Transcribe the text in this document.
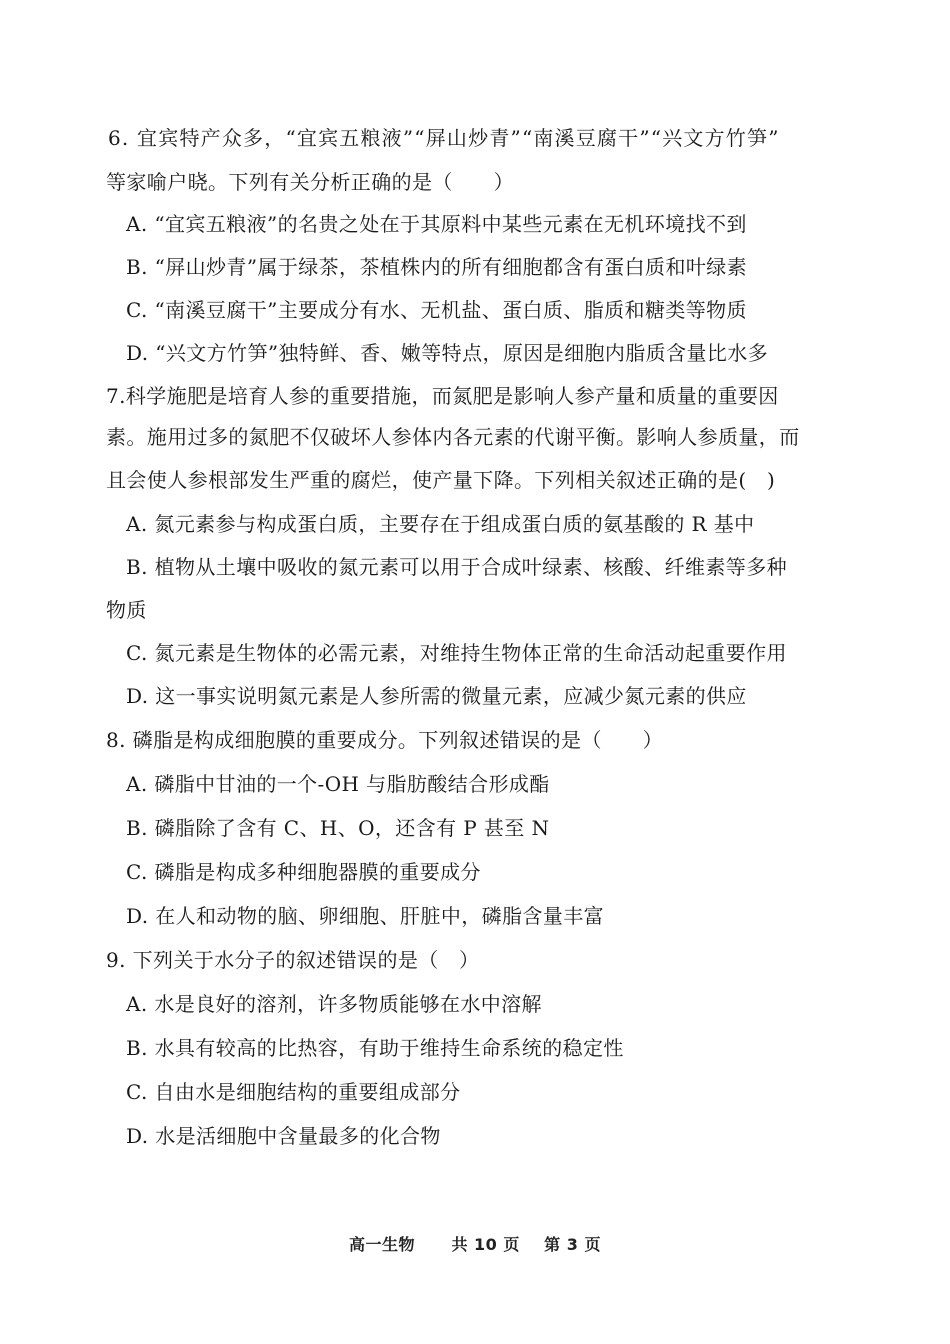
6. 宜宾特产众多，“宜宾五粮液”“屏山炒青”“南溪豆腐干”“兴文方竹笋”
等家喻户晓。下列有关分析正确的是（　　）
A. “宜宾五粮液”的名贵之处在于其原料中某些元素在无机环境找不到
B. “屏山炒青”属于绿茶，茶植株内的所有细胞都含有蛋白质和叶绿素
C. “南溪豆腐干”主要成分有水、无机盐、蛋白质、脂质和糖类等物质
D. “兴文方竹笋”独特鲜、香、嫩等特点，原因是细胞内脂质含量比水多
7.科学施肥是培育人参的重要措施，而氮肥是影响人参产量和质量的重要因
素。施用过多的氮肥不仅破坏人参体内各元素的代谢平衡。影响人参质量，而
且会使人参根部发生严重的腐烂，使产量下降。下列相关叙述正确的是(　)
A. 氮元素参与构成蛋白质，主要存在于组成蛋白质的氨基酸的 R 基中
B. 植物从土壤中吸收的氮元素可以用于合成叶绿素、核酸、纤维素等多种
物质
C. 氮元素是生物体的必需元素，对维持生物体正常的生命活动起重要作用
D. 这一事实说明氮元素是人参所需的微量元素，应减少氮元素的供应
8. 磷脂是构成细胞膜的重要成分。下列叙述错误的是（　　）
A. 磷脂中甘油的一个-OH 与脂肪酸结合形成酯
B. 磷脂除了含有 C、H、O，还含有 P 甚至 N
C. 磷脂是构成多种细胞器膜的重要成分
D. 在人和动物的脑、卵细胞、肝脏中，磷脂含量丰富
9. 下列关于水分子的叙述错误的是（　）
A. 水是良好的溶剂，许多物质能够在水中溶解
B. 水具有较高的比热容，有助于维持生命系统的稳定性
C. 自由水是细胞结构的重要组成部分
D. 水是活细胞中含量最多的化合物
高一生物 共 10 页 第 3 页
